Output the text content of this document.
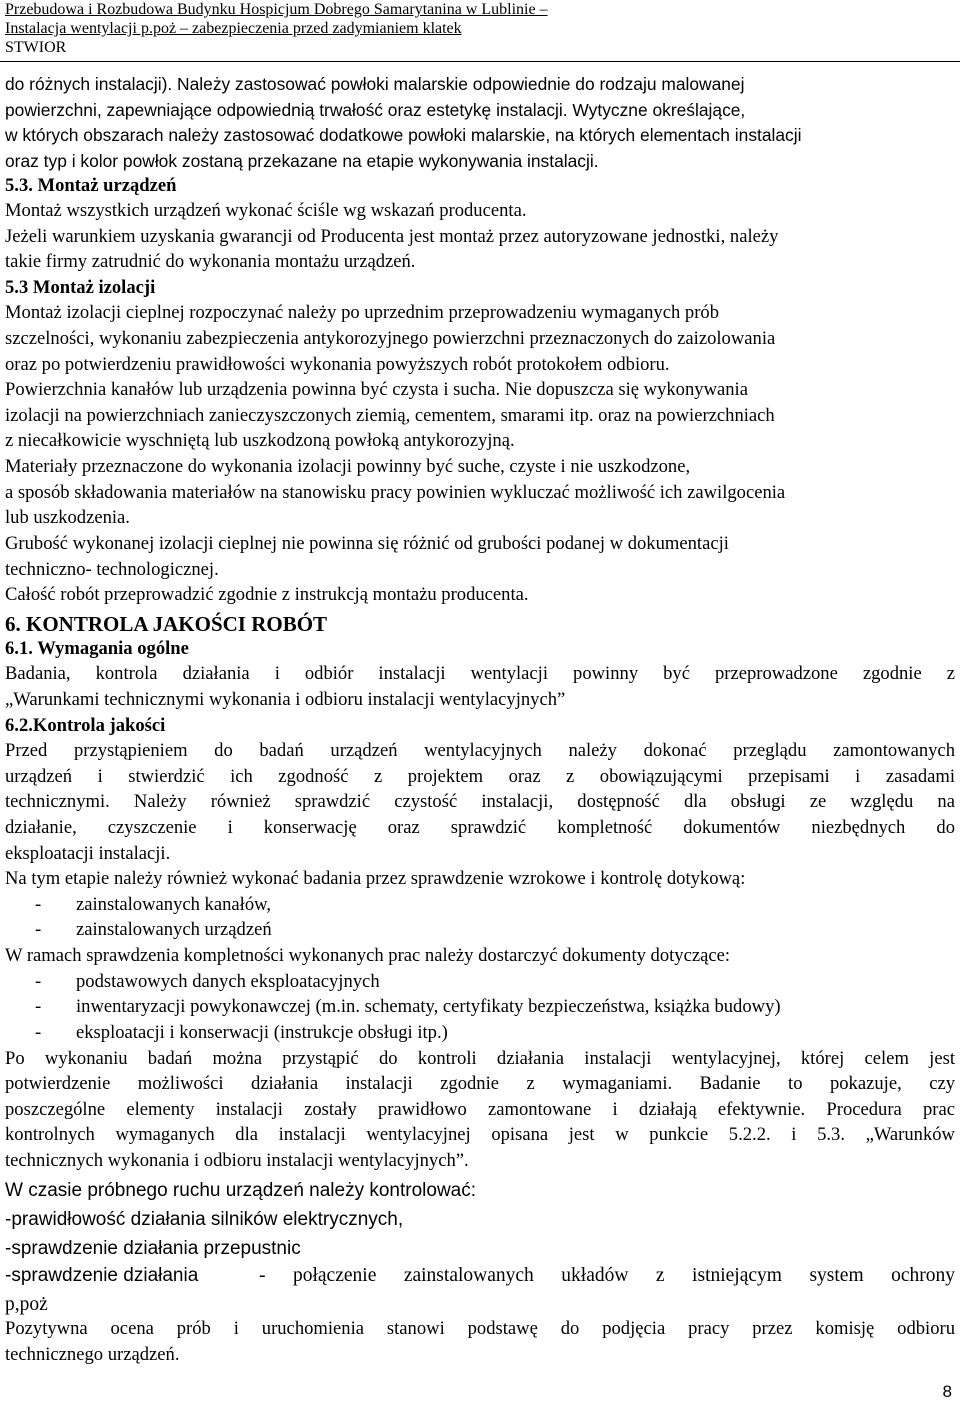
Przebudowa i Rozbudowa Budynku Hospicjum Dobrego Samarytanina w Lublinie –
Instalacja wentylacji p.poż – zabezpieczenia przed zadymianiem klatek
STWIOR
do różnych instalacji). Należy zastosować powłoki malarskie odpowiednie do rodzaju malowanej
powierzchni, zapewniające odpowiednią trwałość oraz estetykę instalacji. Wytyczne określające,
w których obszarach należy zastosować dodatkowe powłoki malarskie, na których elementach instalacji
oraz typ i kolor powłok zostaną przekazane na etapie wykonywania instalacji.
5.3. Montaż urządzeń
Montaż wszystkich urządzeń wykonać ściśle wg wskazań producenta.
Jeżeli warunkiem uzyskania gwarancji od Producenta jest montaż przez autoryzowane jednostki, należy
takie firmy zatrudnić do wykonania montażu urządzeń.
5.3 Montaż izolacji
Montaż izolacji cieplnej rozpoczynać należy po uprzednim przeprowadzeniu wymaganych prób
szczelności, wykonaniu zabezpieczenia antykorozyjnego powierzchni przeznaczonych do zaizolowania
oraz po potwierdzeniu prawidłowości wykonania powyższych robót protokołem odbioru.
Powierzchnia kanałów lub urządzenia powinna być czysta i sucha. Nie dopuszcza się wykonywania
izolacji na powierzchniach zanieczyszczonych ziemią, cementem, smarami itp. oraz na powierzchniach
z niecałkowicie wyschniętą lub uszkodzoną powłoką antykorozyjną.
Materiały przeznaczone do wykonania izolacji powinny być suche, czyste i nie uszkodzone,
a sposób składowania materiałów na stanowisku pracy powinien wykluczać możliwość ich zawilgocenia
lub uszkodzenia.
Grubość wykonanej izolacji cieplnej nie powinna się różnić od grubości podanej w dokumentacji
techniczno- technologicznej.
Całość robót przeprowadzić zgodnie z instrukcją montażu producenta.
6. KONTROLA JAKOŚCI ROBÓT
6.1. Wymagania ogólne
Badania, kontrola działania i odbiór instalacji wentylacji powinny być przeprowadzone zgodnie z
„Warunkami technicznymi wykonania i odbioru instalacji wentylacyjnych”
6.2.Kontrola jakości
Przed przystąpieniem do badań urządzeń wentylacyjnych należy dokonać przeglądu zamontowanych
urządzeń i stwierdzić ich zgodność z projektem oraz z obowiązującymi przepisami i zasadami
technicznymi. Należy również sprawdzić czystość instalacji, dostępność dla obsługi ze względu na
działanie, czyszczenie i konserwację oraz sprawdzić kompletność dokumentów niezbędnych do
eksploatacji instalacji.
Na tym etapie należy również wykonać badania przez sprawdzenie wzrokowe i kontrolę dotykową:
- zainstalowanych kanałów,
- zainstalowanych urządzeń
W ramach sprawdzenia kompletności wykonanych prac należy dostarczyć dokumenty dotyczące:
- podstawowych danych eksploatacyjnych
- inwentaryzacji powykonawczej (m.in. schematy, certyfikaty bezpieczeństwa, książka budowy)
- eksploatacji i konserwacji (instrukcje obsługi itp.)
Po wykonaniu badań można przystąpić do kontroli działania instalacji wentylacyjnej, której celem jest
potwierdzenie możliwości działania instalacji zgodnie z wymaganiami. Badanie to pokazuje, czy
poszczególne elementy instalacji zostały prawidłowo zamontowane i działają efektywnie. Procedura prac
kontrolnych wymaganych dla instalacji wentylacyjnej opisana jest w punkcie 5.2.2. i 5.3. „Warunków
technicznych wykonania i odbioru instalacji wentylacyjnych”.
W czasie próbnego ruchu urządzeń należy kontrolować:
-prawidłowość działania silników elektrycznych,
-sprawdzenie działania przepustnic
-sprawdzenie działania	- połączenie zainstalowanych układów z istniejącym system ochrony
p,poż
Pozytywna ocena prób i uruchomienia stanowi podstawę do podjęcia pracy przez komisję odbioru
technicznego urządzeń.
8
